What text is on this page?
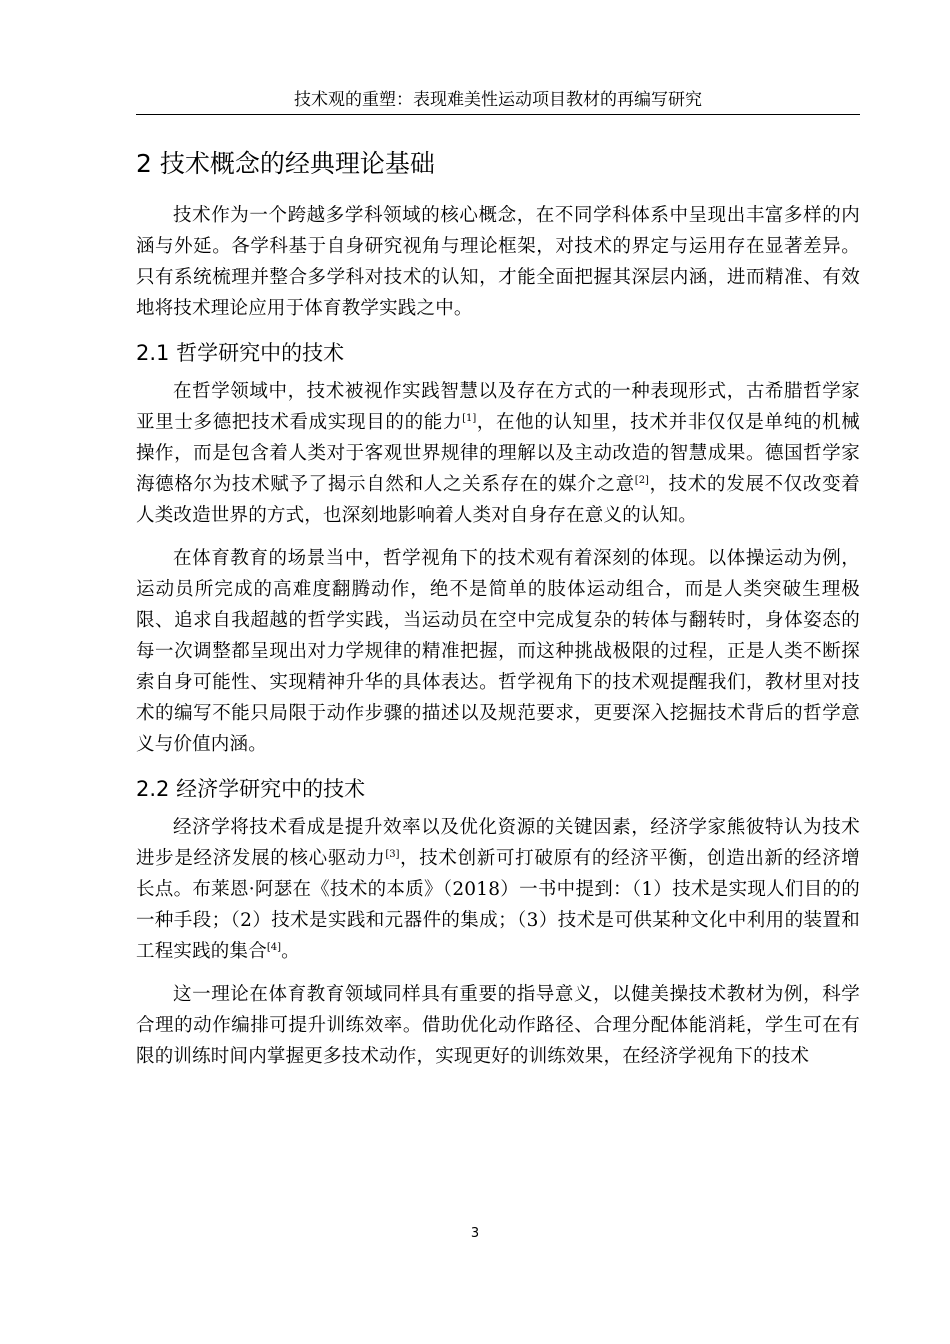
技术观的重塑：表现难美性运动项目教材的再编写研究
2 技术概念的经典理论基础

技术作为一个跨越多学科领域的核心概念，在不同学科体系中呈现出丰富多样的内涵与外延。各学科基于自身研究视角与理论框架，对技术的界定与运用存在显著差异。只有系统梳理并整合多学科对技术的认知，才能全面把握其深层内涵，进而精准、有效地将技术理论应用于体育教学实践之中。

2.1 哲学研究中的技术

在哲学领域中，技术被视作实践智慧以及存在方式的一种表现形式，古希腊哲学家亚里士多德把技术看成实现目的的能力[1]，在他的认知里，技术并非仅仅是单纯的机械操作，而是包含着人类对于客观世界规律的理解以及主动改造的智慧成果。德国哲学家海德格尔为技术赋予了揭示自然和人之关系存在的媒介之意[2]，技术的发展不仅改变着人类改造世界的方式，也深刻地影响着人类对自身存在意义的认知。

在体育教育的场景当中，哲学视角下的技术观有着深刻的体现。以体操运动为例，运动员所完成的高难度翻腾动作，绝不是简单的肢体运动组合，而是人类突破生理极限、追求自我超越的哲学实践，当运动员在空中完成复杂的转体与翻转时，身体姿态的每一次调整都呈现出对力学规律的精准把握，而这种挑战极限的过程，正是人类不断探索自身可能性、实现精神升华的具体表达。哲学视角下的技术观提醒我们，教材里对技术的编写不能只局限于动作步骤的描述以及规范要求，更要深入挖掘技术背后的哲学意义与价值内涵。

2.2 经济学研究中的技术

经济学将技术看成是提升效率以及优化资源的关键因素，经济学家熊彼特认为技术进步是经济发展的核心驱动力[3]，技术创新可打破原有的经济平衡，创造出新的经济增长点。布莱恩·阿瑟在《技术的本质》（2018）一书中提到：（1）技术是实现人们目的的一种手段；（2）技术是实践和元器件的集成；（3）技术是可供某种文化中利用的装置和工程实践的集合[4]。

这一理论在体育教育领域同样具有重要的指导意义，以健美操技术教材为例，科学合理的动作编排可提升训练效率。借助优化动作路径、合理分配体能消耗，学生可在有限的训练时间内掌握更多技术动作，实现更好的训练效果，在经济学视角下的技术

3
